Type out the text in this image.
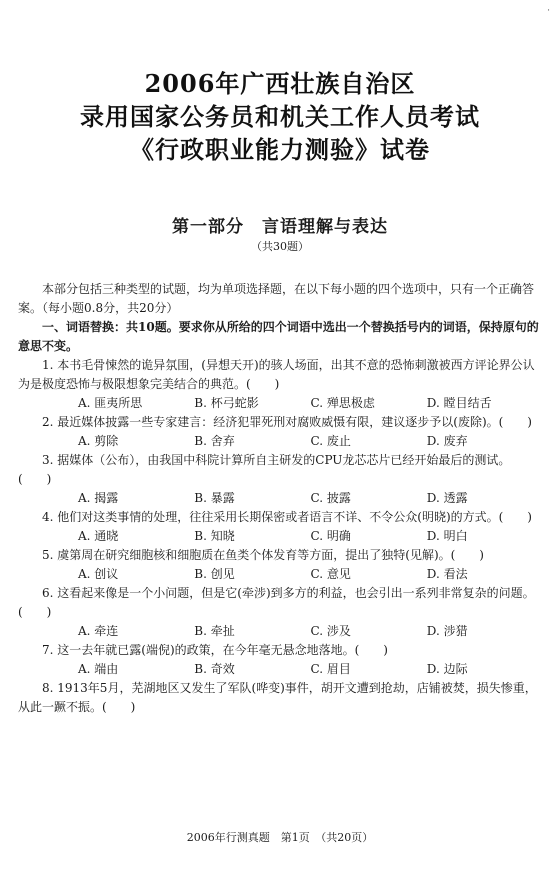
·
2006年广西壮族自治区
录用国家公务员和机关工作人员考试
《行政职业能力测验》试卷
第一部分　言语理解与表达
（共30题）

本部分包括三种类型的试题，均为单项选择题，在以下每小题的四个选项中，只有一个正确答案。（每小题0.8分，共20分）

一、词语替换：共10题。要求你从所给的四个词语中选出一个替换括号内的词语，保持原句的意思不变。

1. 本书毛骨悚然的诡异氛围，(异想天开)的骇人场面，出其不意的恐怖刺激被西方评论界公认为是极度恐怖与极限想象完美结合的典范。(　　)

A. 匪夷所思	B. 杯弓蛇影	C. 殚思极虑	D. 瞠目结舌

2. 最近媒体披露一些专家建言：经济犯罪死刑对腐败威慑有限，建议逐步予以(废除)。(　　)

A. 剪除	B. 舍弃	C. 废止	D. 废弃

3. 据媒体（公布），由我国中科院计算所自主研发的CPU龙芯芯片已经开始最后的测试。(　　)

A. 揭露	B. 暴露	C. 披露	D. 透露

4. 他们对这类事情的处理，往往采用长期保密或者语言不详、不令公众(明晓)的方式。(　　)

A. 通晓	B. 知晓	C. 明确	D. 明白

5. 虞第周在研究细胞核和细胞质在鱼类个体发育等方面，提出了独特(见解)。(　　)

A. 创议	B. 创见	C. 意见	D. 看法

6. 这看起来像是一个小问题，但是它(牵涉)到多方的利益，也会引出一系列非常复杂的问题。(　　)

A. 牵连	B. 牵扯	C. 涉及	D. 涉猎

7. 这一去年就已露(端倪)的政策，在今年毫无悬念地落地。(　　)

A. 端由	B. 奇效	C. 眉目	D. 边际

8. 1913年5月，芜湖地区又发生了军队(哗变)事件，胡开文遭到抢劫，店铺被焚，损失惨重，从此一蹶不振。(　　)

2006年行测真题　第1页　（共20页）
